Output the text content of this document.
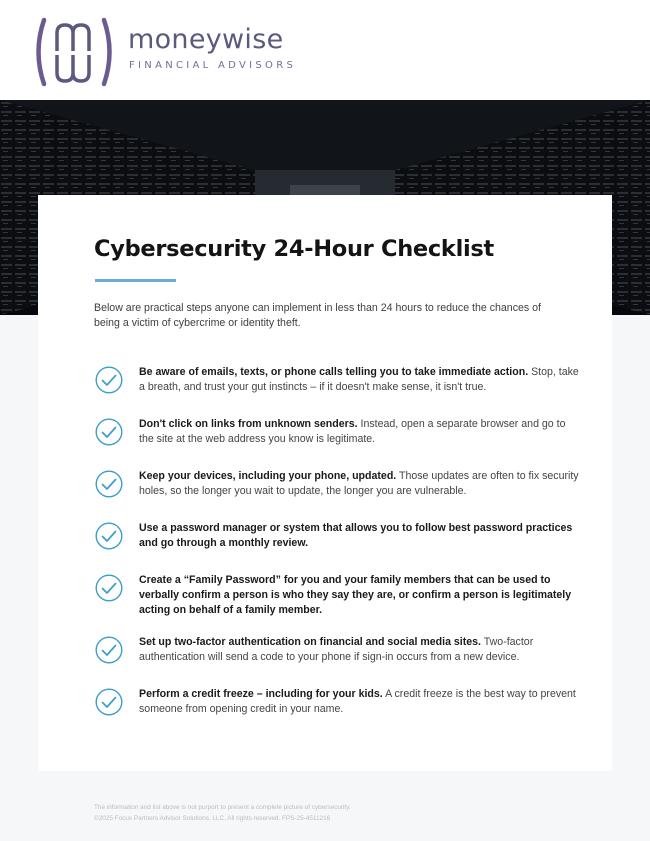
moneywise
FINANCIAL ADVISORS
Cybersecurity 24-Hour Checklist
Below are practical steps anyone can implement in less than 24 hours to reduce the chances of being a victim of cybercrime or identity theft.
Be aware of emails, texts, or phone calls telling you to take immediate action. Stop, take a breath, and trust your gut instincts – if it doesn't make sense, it isn't true.
Don't click on links from unknown senders. Instead, open a separate browser and go to the site at the web address you know is legitimate.
Keep your devices, including your phone, updated. Those updates are often to fix security holes, so the longer you wait to update, the longer you are vulnerable.
Use a password manager or system that allows you to follow best password practices and go through a monthly review.
Create a “Family Password” for you and your family members that can be used to verbally confirm a person is who they say they are, or confirm a person is legitimately acting on behalf of a family member.
Set up two-factor authentication on financial and social media sites. Two-factor authentication will send a code to your phone if sign-in occurs from a new device.
Perform a credit freeze – including for your kids. A credit freeze is the best way to prevent someone from opening credit in your name.
The information and list above is not purport to present a complete picture of cybersecurity.
©2025 Focus Partners Advisor Solutions, LLC. All rights reserved. FPS-25-4511216
